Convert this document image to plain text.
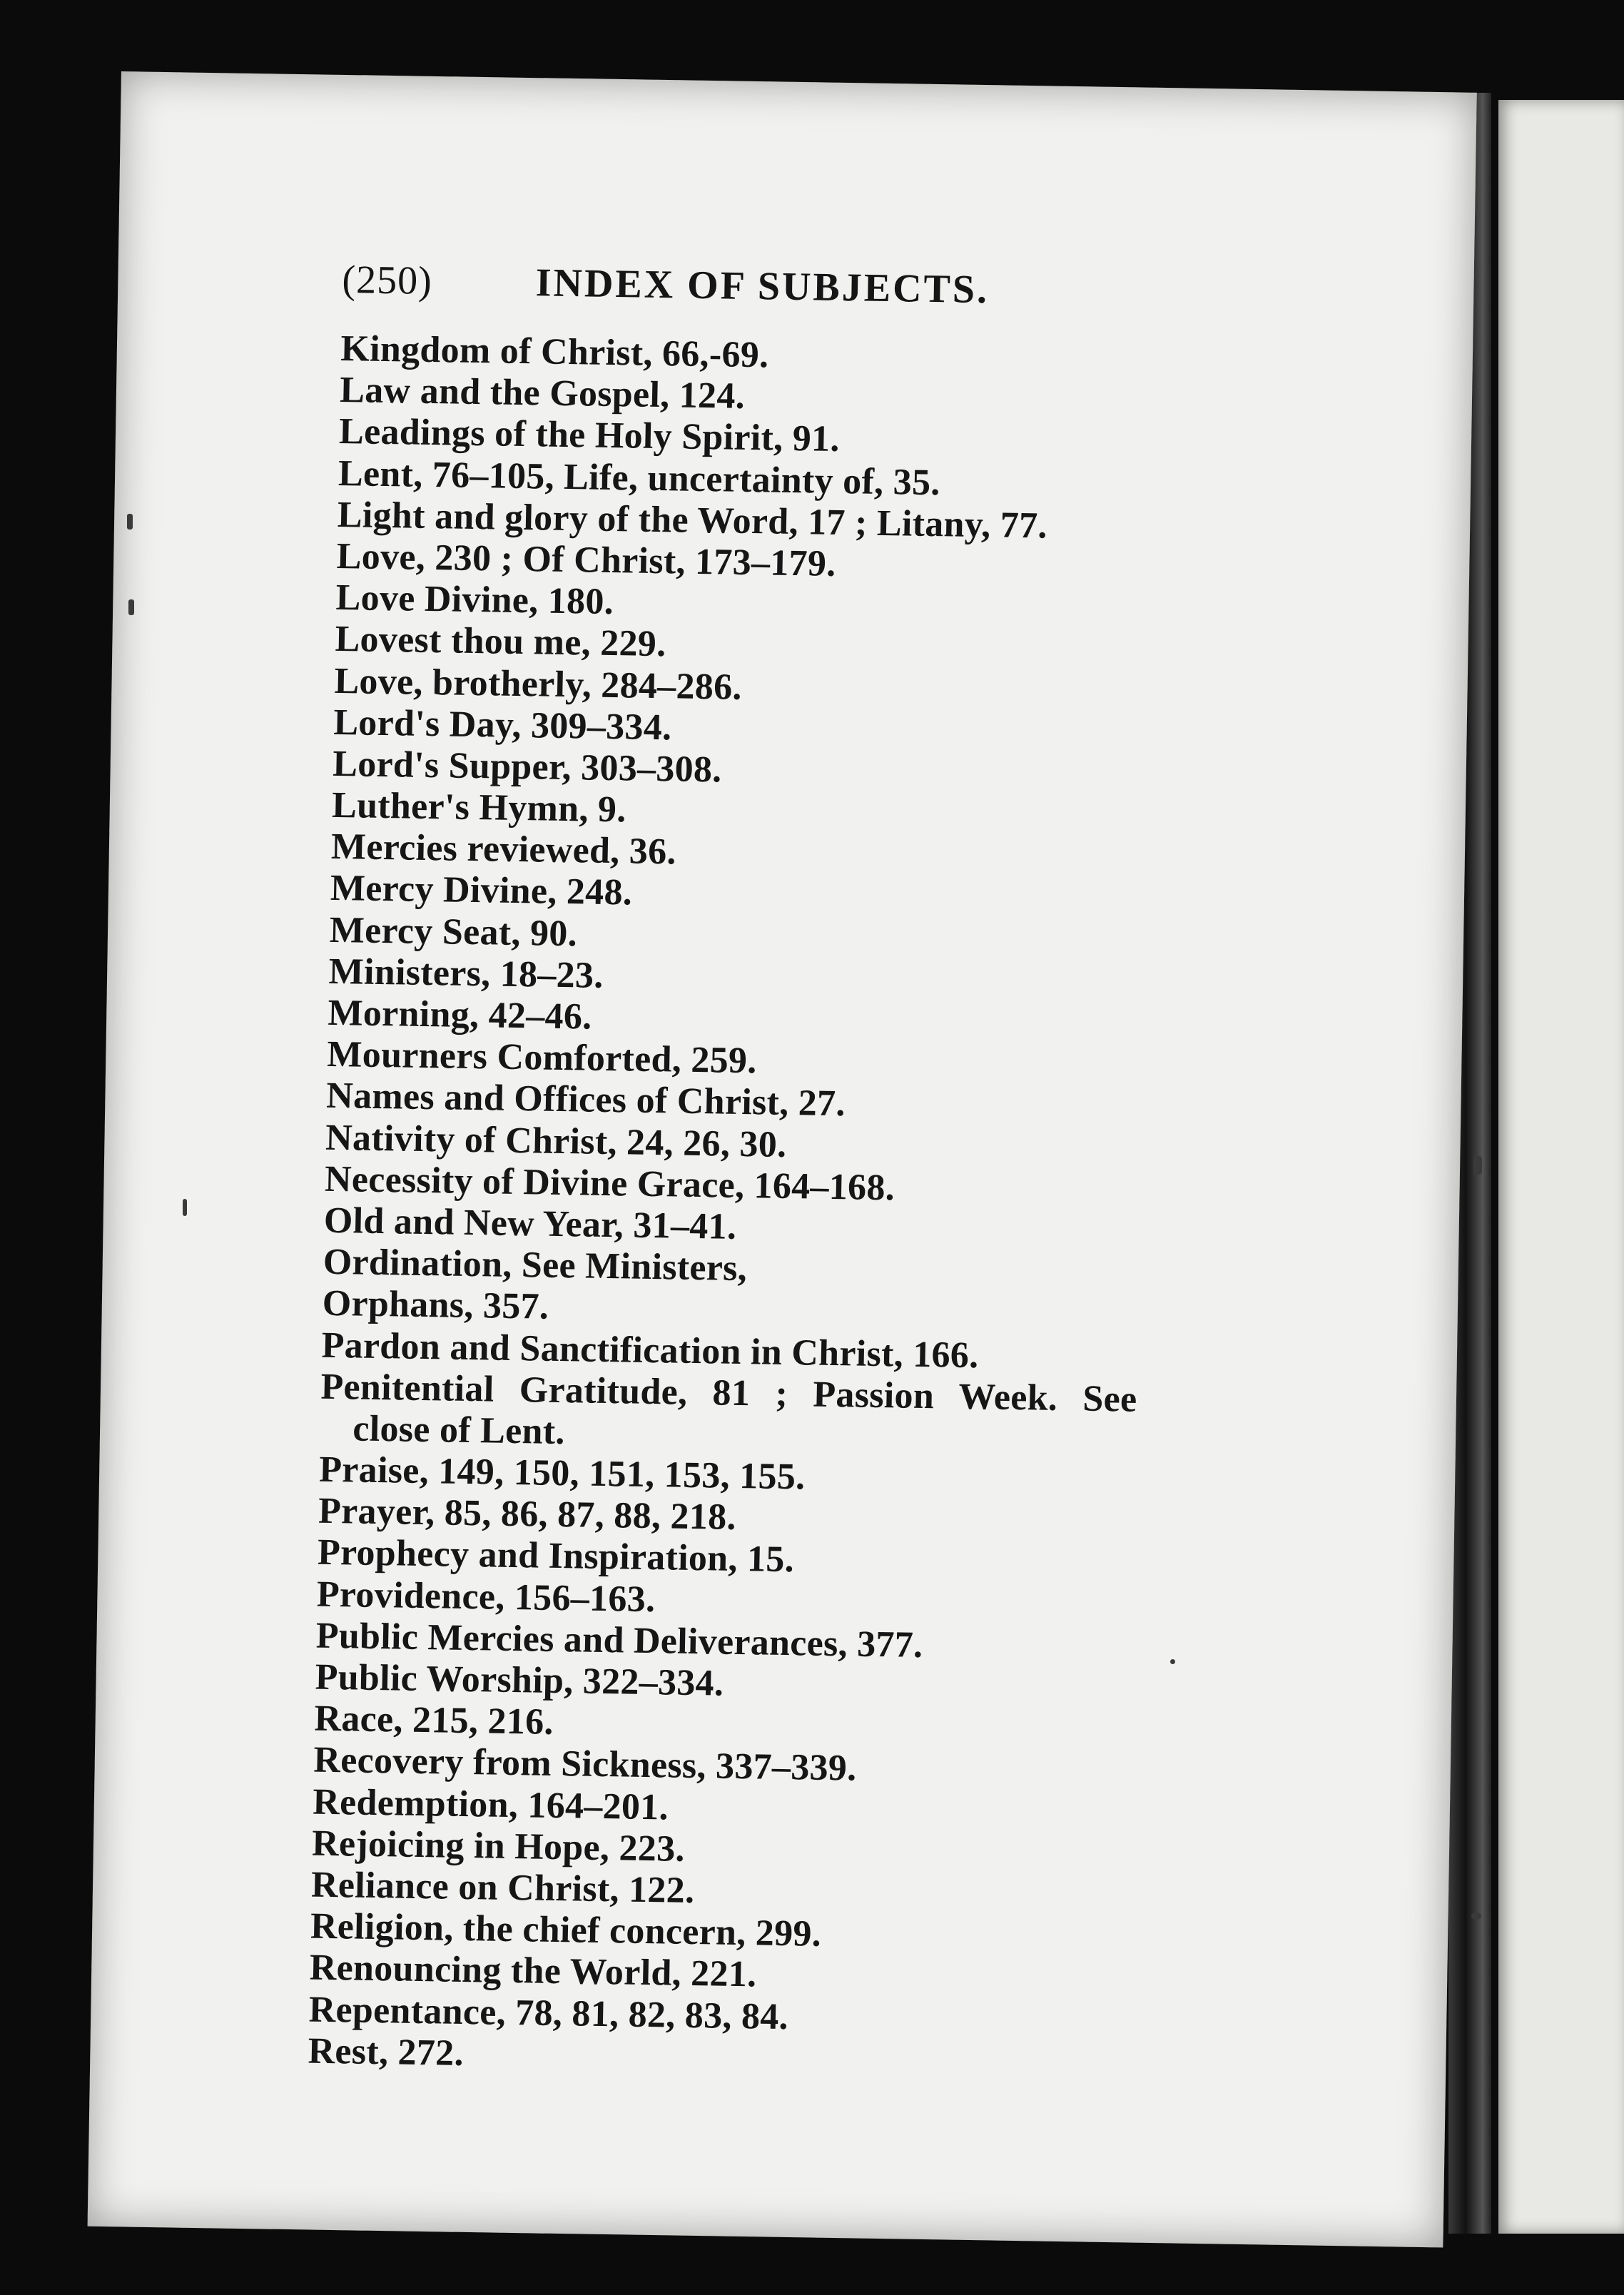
(250)	INDEX OF SUBJECTS.
Kingdom of Christ, 66,-69.
Law and the Gospel, 124.
Leadings of the Holy Spirit, 91.
Lent, 76–105, Life, uncertainty of, 35.
Light and glory of the Word, 17 ; Litany, 77.
Love, 230 ; Of Christ, 173–179.
Love Divine, 180.
Lovest thou me, 229.
Love, brotherly, 284–286.
Lord's Day, 309–334.
Lord's Supper, 303–308.
Luther's Hymn, 9.
Mercies reviewed, 36.
Mercy Divine, 248.
Mercy Seat, 90.
Ministers, 18–23.
Morning, 42–46.
Mourners Comforted, 259.
Names and Offices of Christ, 27.
Nativity of Christ, 24, 26, 30.
Necessity of Divine Grace, 164–168.
Old and New Year, 31–41.
Ordination, See Ministers,
Orphans, 357.
Pardon and Sanctification in Christ, 166.
Penitential Gratitude, 81 ; Passion Week. See
close of Lent.
Praise, 149, 150, 151, 153, 155.
Prayer, 85, 86, 87, 88, 218.
Prophecy and Inspiration, 15.
Providence, 156–163.
Public Mercies and Deliverances, 377.
Public Worship, 322–334.
Race, 215, 216.
Recovery from Sickness, 337–339.
Redemption, 164–201.
Rejoicing in Hope, 223.
Reliance on Christ, 122.
Religion, the chief concern, 299.
Renouncing the World, 221.
Repentance, 78, 81, 82, 83, 84.
Rest, 272.
